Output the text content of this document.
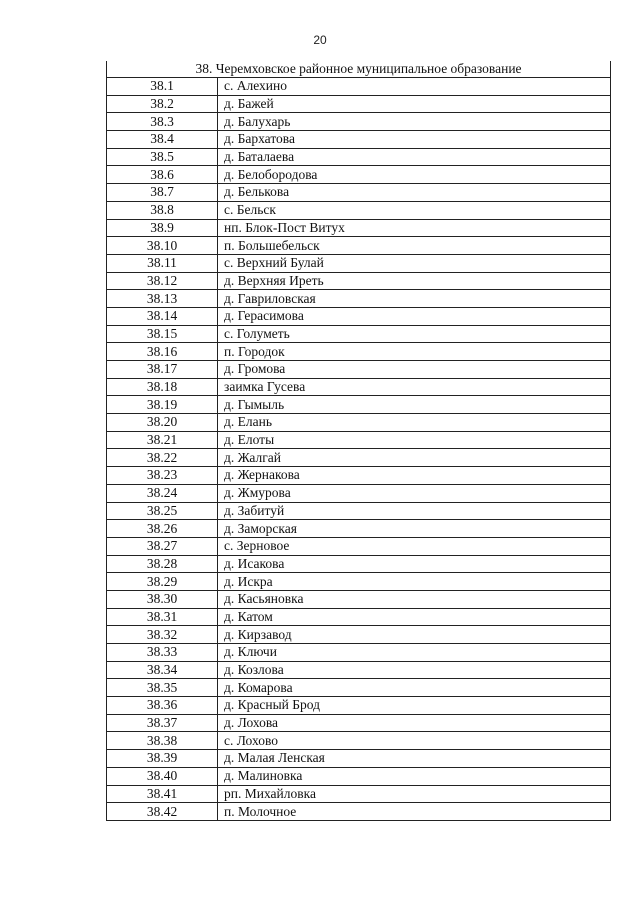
20
38. Черемховское районное муниципальное образование	
38.1	с. Алехино
38.2	д. Бажей
38.3	д. Балухарь
38.4	д. Бархатова
38.5	д. Баталаева
38.6	д. Белобородова
38.7	д. Белькова
38.8	с. Бельск
38.9	нп. Блок-Пост Витух
38.10	п. Большебельск
38.11	с. Верхний Булай
38.12	д. Верхняя Иреть
38.13	д. Гавриловская
38.14	д. Герасимова
38.15	с. Голуметь
38.16	п. Городок
38.17	д. Громова
38.18	заимка Гусева
38.19	д. Гымыль
38.20	д. Елань
38.21	д. Елоты
38.22	д. Жалгай
38.23	д. Жернакова
38.24	д. Жмурова
38.25	д. Забитуй
38.26	д. Заморская
38.27	с. Зерновое
38.28	д. Исакова
38.29	д. Искра
38.30	д. Касьяновка
38.31	д. Катом
38.32	д. Кирзавод
38.33	д. Ключи
38.34	д. Козлова
38.35	д. Комарова
38.36	д. Красный Брод
38.37	д. Лохова
38.38	с. Лохово
38.39	д. Малая Ленская
38.40	д. Малиновка
38.41	рп. Михайловка
38.42	п. Молочное
